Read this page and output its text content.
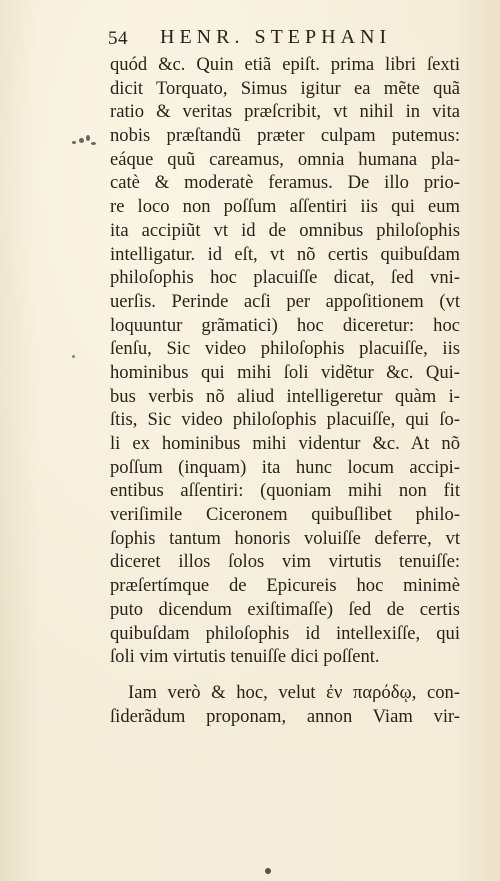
54 HENR. STEPHANI
quód &c. Quin etiã epiſt. prima libri ſexti
dicit Torquato, Simus igitur ea mẽte quã
ratio & veritas præſcribit, vt nihil in vita
nobis præſtandũ præter culpam putemus:
eáque quũ careamus, omnia humana pla-
catè & moderatè feramus. De illo prio-
re loco non poſſum aſſentiri iis qui eum
ita accipiũt vt id de omnibus philoſophis
intelligatur. id eſt, vt nõ certis quibuſdam
philoſophis hoc placuiſſe dicat, ſed vni-
uerſis. Perinde acſi per appoſitionem (vt
loquuntur grãmatici) hoc diceretur: hoc
ſenſu, Sic video philoſophis placuiſſe, iis
hominibus qui mihi ſoli vidẽtur &c. Qui-
bus verbis nõ aliud intelligeretur quàm i-
ſtis, Sic video philoſophis placuiſſe, qui ſo-
li ex hominibus mihi videntur &c. At nõ
poſſum (inquam) ita hunc locum accipi-
entibus aſſentiri: (quoniam mihi non fit
veriſimile Ciceronem quibuſlibet philo-
ſophis tantum honoris voluiſſe deferre, vt
diceret illos ſolos vim virtutis tenuiſſe:
præſertímque de Epicureis hoc minimè
puto dicendum exiſtimaſſe) ſed de certis
quibuſdam philoſophis id intellexiſſe, qui
ſoli vim virtutis tenuiſſe dici poſſent.
Iam verò & hoc, velut ἐν παρόδῳ, con-
ſiderãdum proponam, annon Viam vir-
